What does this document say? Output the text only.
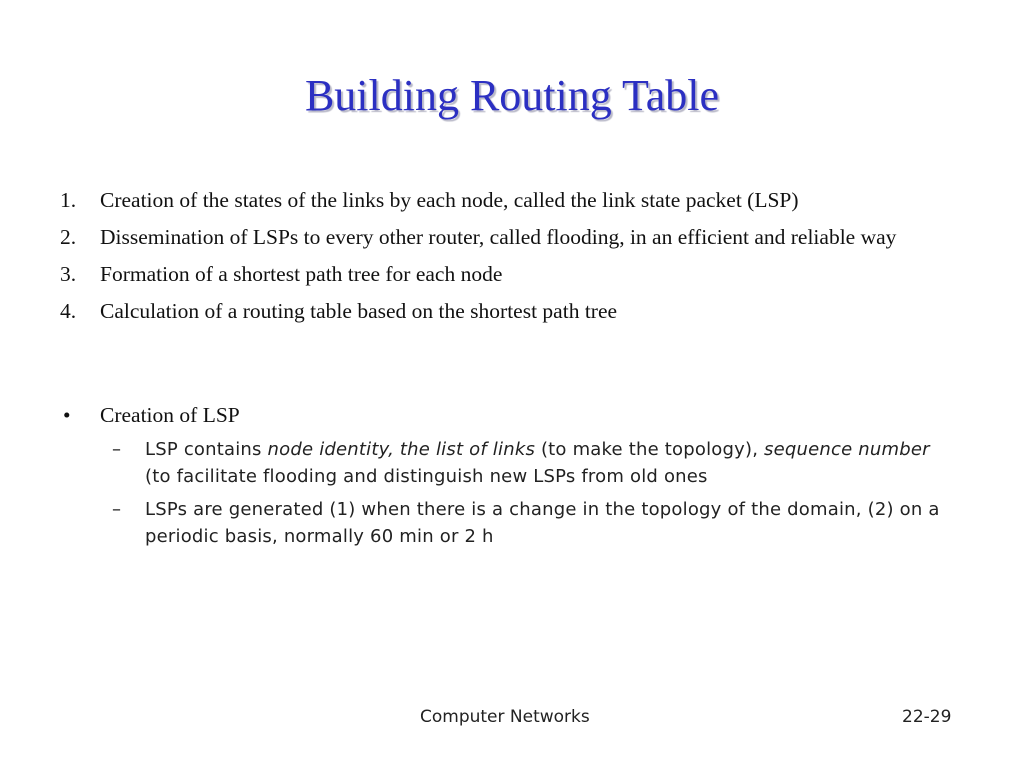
Building Routing Table
1. Creation of the states of the links by each node, called the link state packet (LSP)
2. Dissemination of LSPs to every other router, called flooding, in an efficient and reliable way
3. Formation of a shortest path tree for each node
4. Calculation of a routing table based on the shortest path tree
• Creation of LSP
– LSP contains node identity, the list of links (to make the topology), sequence number (to facilitate flooding and distinguish new LSPs from old ones
– LSPs are generated (1) when there is a change in the topology of the domain, (2) on a periodic basis, normally 60 min or 2 h
Computer Networks	22-29
